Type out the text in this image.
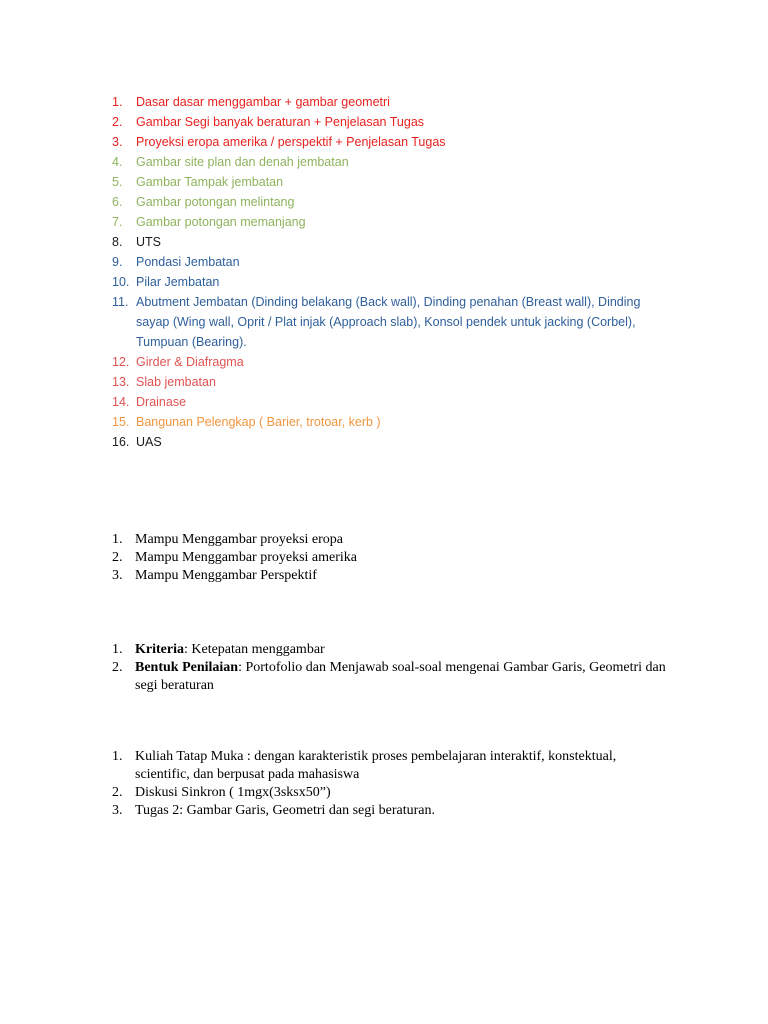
1.	Dasar dasar menggambar + gambar geometri
2.	Gambar Segi banyak beraturan + Penjelasan Tugas
3.	Proyeksi eropa amerika / perspektif + Penjelasan Tugas
4.	Gambar site plan dan denah jembatan
5.	Gambar Tampak jembatan
6.	Gambar potongan melintang
7.	Gambar potongan memanjang
8.	UTS
9.	Pondasi Jembatan
10. Pilar Jembatan
11. Abutment Jembatan (Dinding belakang (Back wall), Dinding penahan (Breast wall), Dinding sayap (Wing wall, Oprit / Plat injak (Approach slab), Konsol pendek untuk jacking (Corbel), Tumpuan (Bearing).
12. Girder & Diafragma
13. Slab jembatan
14. Drainase
15. Bangunan Pelengkap ( Barier, trotoar, kerb )
16. UAS
1. Mampu Menggambar proyeksi eropa
2. Mampu Menggambar proyeksi amerika
3. Mampu Menggambar Perspektif
1. Kriteria: Ketepatan menggambar
2. Bentuk Penilaian: Portofolio dan Menjawab soal-soal mengenai Gambar Garis, Geometri dan segi beraturan
1. Kuliah Tatap Muka : dengan karakteristik proses pembelajaran interaktif, konstektual, scientific, dan berpusat pada mahasiswa
2. Diskusi Sinkron ( 1mgx(3sksx50”)
3. Tugas 2: Gambar Garis, Geometri dan segi beraturan.
